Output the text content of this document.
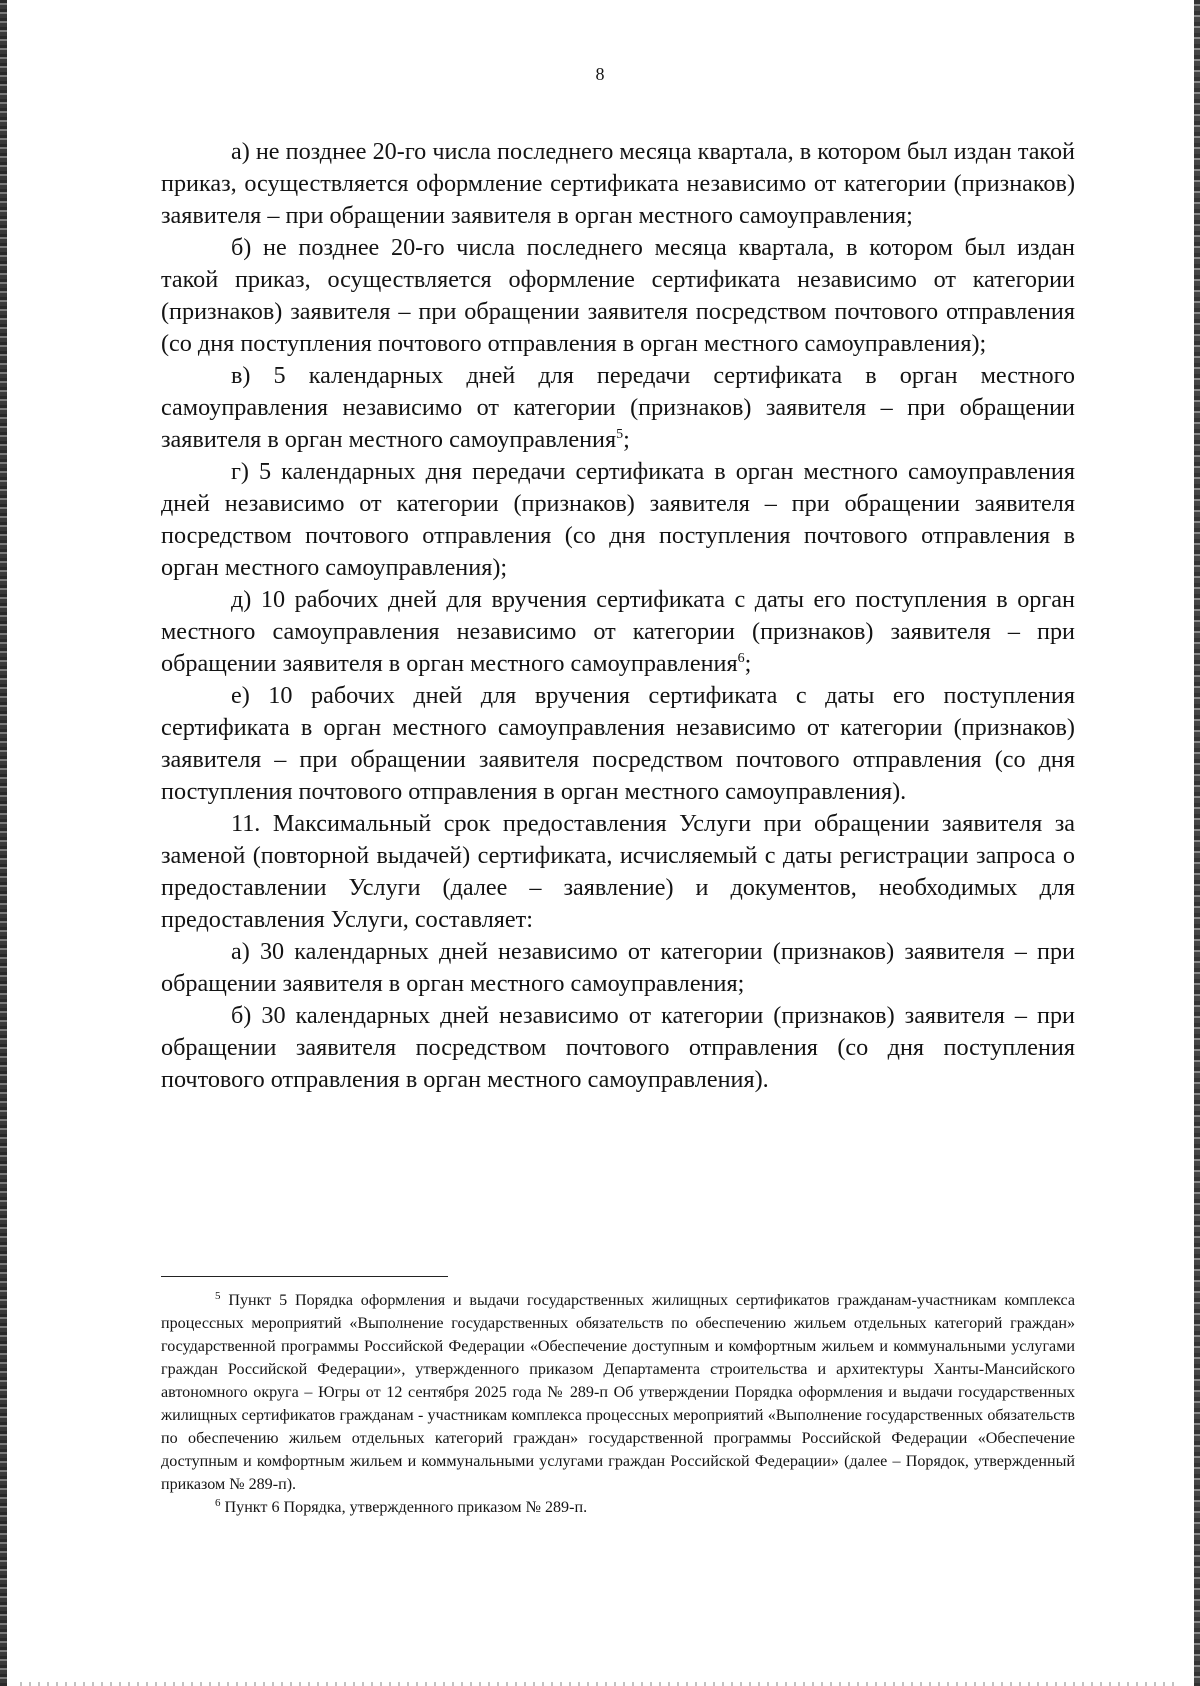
8

а) не позднее 20-го числа последнего месяца квартала, в котором был издан такой приказ, осуществляется оформление сертификата независимо от категории (признаков) заявителя – при обращении заявителя в орган местного самоуправления;

б) не позднее 20-го числа последнего месяца квартала, в котором был издан такой приказ, осуществляется оформление сертификата независимо от категории (признаков) заявителя – при обращении заявителя посредством почтового отправления (со дня поступления почтового отправления в орган местного самоуправления);

в) 5 календарных дней для передачи сертификата в орган местного самоуправления независимо от категории (признаков) заявителя – при обращении заявителя в орган местного самоуправления$^5$;

г) 5 календарных дня передачи сертификата в орган местного самоуправления дней независимо от категории (признаков) заявителя – при обращении заявителя посредством почтового отправления (со дня поступления почтового отправления в орган местного самоуправления);

д) 10 рабочих дней для вручения сертификата с даты его поступления в орган местного самоуправления независимо от категории (признаков) заявителя – при обращении заявителя в орган местного самоуправления$^6$;

е) 10 рабочих дней для вручения сертификата с даты его поступления сертификата в орган местного самоуправления независимо от категории (признаков) заявителя – при обращении заявителя посредством почтового отправления (со дня поступления почтового отправления в орган местного самоуправления).

11. Максимальный срок предоставления Услуги при обращении заявителя за заменой (повторной выдачей) сертификата, исчисляемый с даты регистрации запроса о предоставлении Услуги (далее – заявление) и документов, необходимых для предоставления Услуги, составляет:

а) 30 календарных дней независимо от категории (признаков) заявителя – при обращении заявителя в орган местного самоуправления;

б) 30 календарных дней независимо от категории (признаков) заявителя – при обращении заявителя посредством почтового отправления (со дня поступления почтового отправления в орган местного самоуправления).

$^5$ Пункт 5 Порядка оформления и выдачи государственных жилищных сертификатов гражданам-участникам комплекса процессных мероприятий «Выполнение государственных обязательств по обеспечению жильем отдельных категорий граждан» государственной программы Российской Федерации «Обеспечение доступным и комфортным жильем и коммунальными услугами граждан Российской Федерации», утвержденного приказом Департамента строительства и архитектуры Ханты-Мансийского автономного округа – Югры от 12 сентября 2025 года № 289-п Об утверждении Порядка оформления и выдачи государственных жилищных сертификатов гражданам - участникам комплекса процессных мероприятий «Выполнение государственных обязательств по обеспечению жильем отдельных категорий граждан» государственной программы Российской Федерации «Обеспечение доступным и комфортным жильем и коммунальными услугами граждан Российской Федерации» (далее – Порядок, утвержденный приказом № 289-п).

$^6$ Пункт 6 Порядка, утвержденного приказом № 289-п.
